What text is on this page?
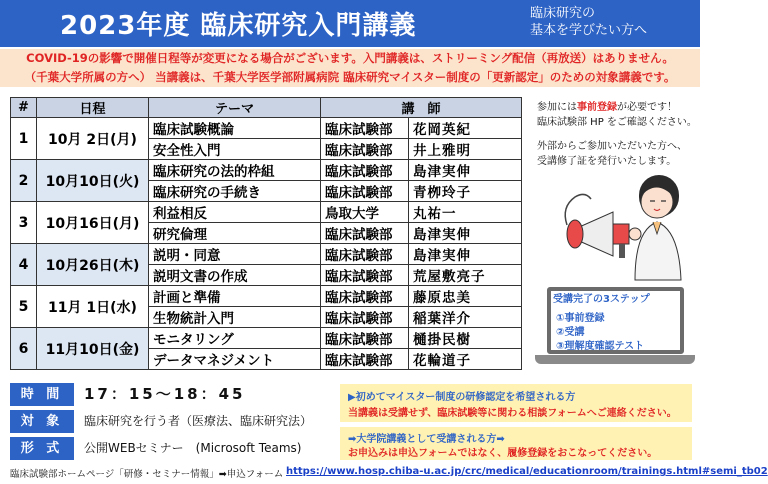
2023年度 臨床研究入門講義	臨床研究の
基本を学びたい方へ
COVID-19の影響で開催日程等が変更になる場合がございます。入門講義は、ストリーミング配信（再放送）はありません。
（千葉大学所属の方へ） 当講義は、千葉大学医学部附属病院 臨床研究マイスター制度の「更新認定」のための対象講義です。
#	日程	テーマ	講　師	
1	10月 2日(月)	臨床試験概論	臨床試験部	花岡英紀
		安全性入門	臨床試験部	井上雅明
2	10月10日(火)	臨床研究の法的枠組	臨床試験部	島津実伸
		臨床研究の手続き	臨床試験部	青栁玲子
3	10月16日(月)	利益相反	鳥取大学	丸祐一
		研究倫理	臨床試験部	島津実伸
4	10月26日(木)	説明・同意	臨床試験部	島津実伸
		説明文書の作成	臨床試験部	荒屋敷亮子
5	11月 1日(水)	計画と準備	臨床試験部	藤原忠美
		生物統計入門	臨床試験部	稲葉洋介
6	11月10日(金)	モニタリング	臨床試験部	樋掛民樹
		データマネジメント	臨床試験部	花輪道子
参加には事前登録が必要です！
臨床試験部 HP をご確認ください。
外部からご参加いただいた方へ、
受講修了証を発行いたします。
受講完了の3ステップ
①事前登録
②受講
③理解度確認テスト
時 間	17：15～18：45
対 象	臨床研究を行う者（医療法、臨床研究法）
形 式	公開WEBセミナー　(Microsoft Teams)
▶初めてマイスター制度の研修認定を希望される方
当講義は受講せず、臨床試験等に関わる相談フォームへご連絡ください。
➡大学院講義として受講される方➡
お申込みは申込フォームではなく、履修登録をおこなってください。
臨床試験部ホームページ「研修・セミナー情報」➡申込フォーム https://www.hosp.chiba-u.ac.jp/crc/medical/educationroom/trainings.html#semi_tb02
